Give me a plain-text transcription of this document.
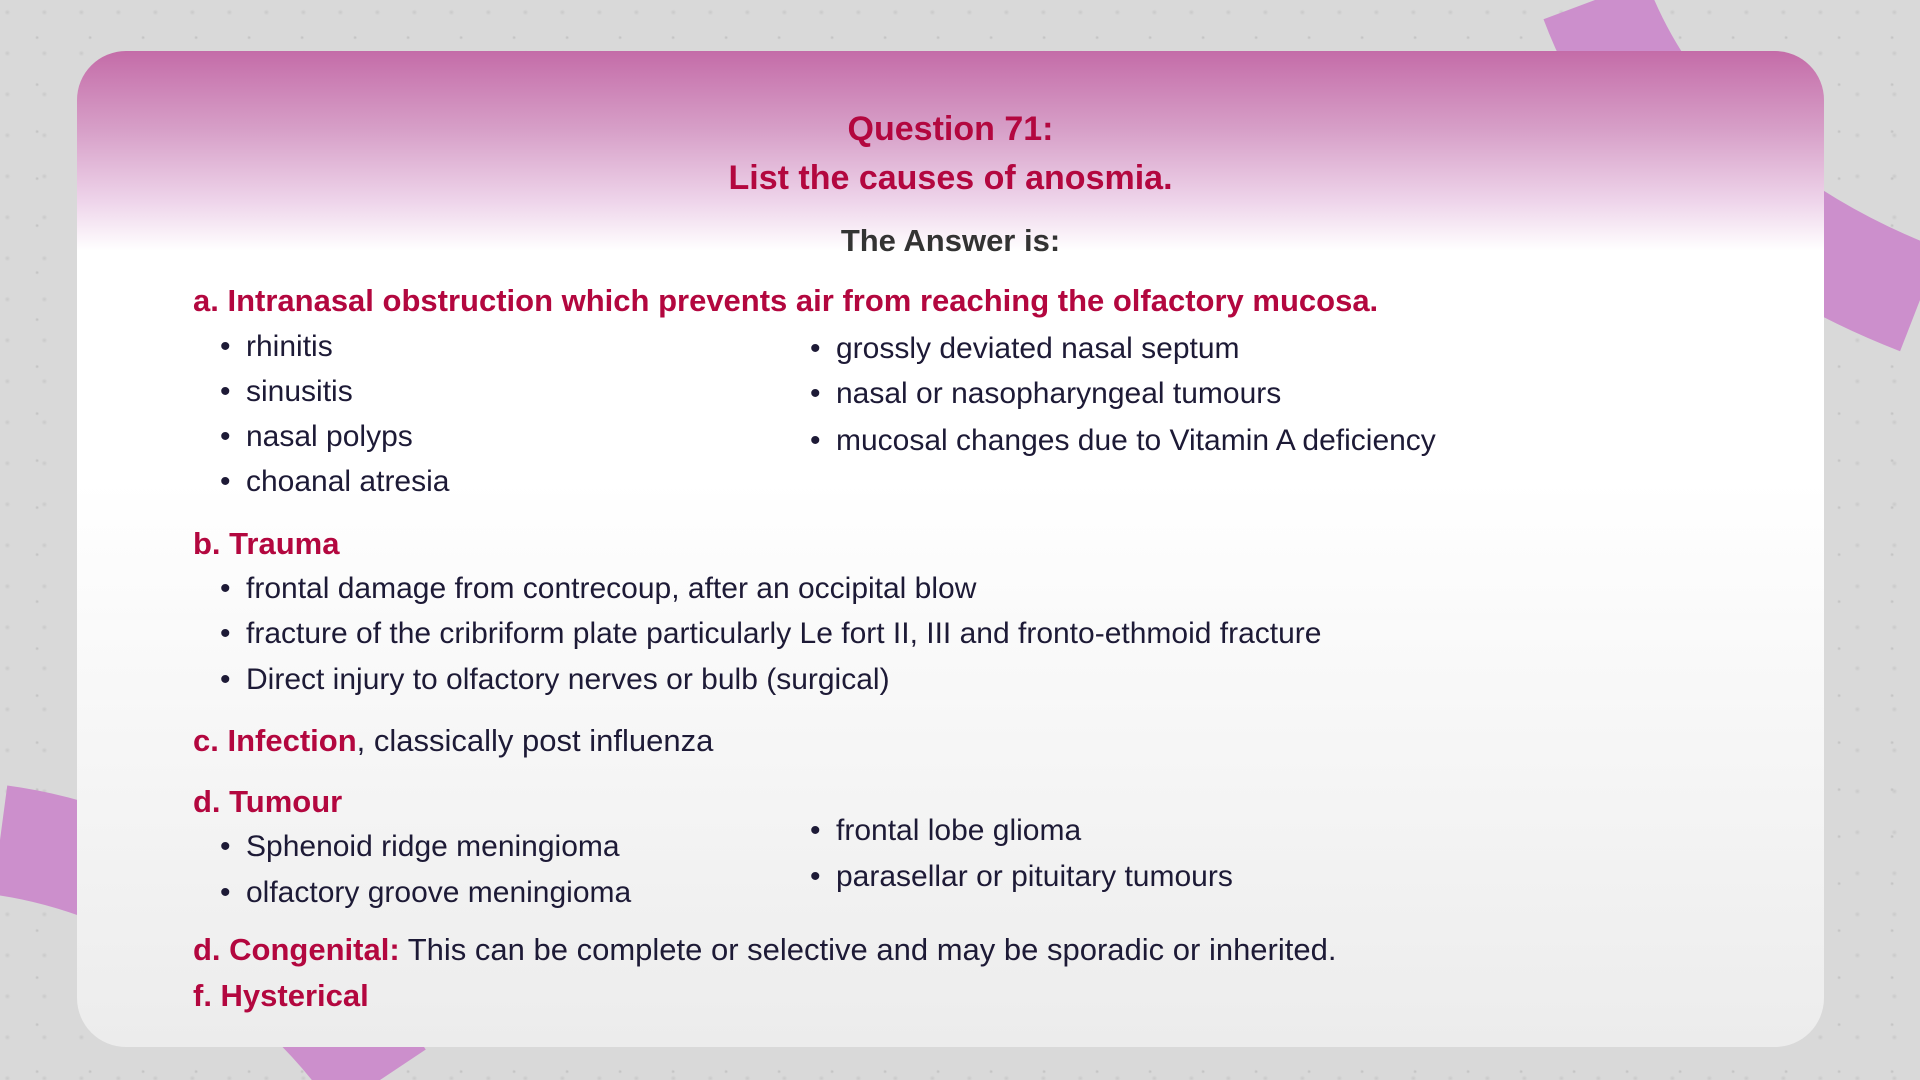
Question 71:
List the causes of anosmia.
The Answer is:
a. Intranasal obstruction which prevents air from reaching the olfactory mucosa.
• rhinitis
• sinusitis
• nasal polyps
• choanal atresia
• grossly deviated nasal septum
• nasal or nasopharyngeal tumours
• mucosal changes due to Vitamin A deficiency
b. Trauma
• frontal damage from contrecoup, after an occipital blow
• fracture of the cribriform plate particularly Le fort II, III and fronto-ethmoid fracture
• Direct injury to olfactory nerves or bulb (surgical)
c. Infection, classically post influenza
d. Tumour
• Sphenoid ridge meningioma
• olfactory groove meningioma
• frontal lobe glioma
• parasellar or pituitary tumours
d. Congenital: This can be complete or selective and may be sporadic or inherited.
f. Hysterical
